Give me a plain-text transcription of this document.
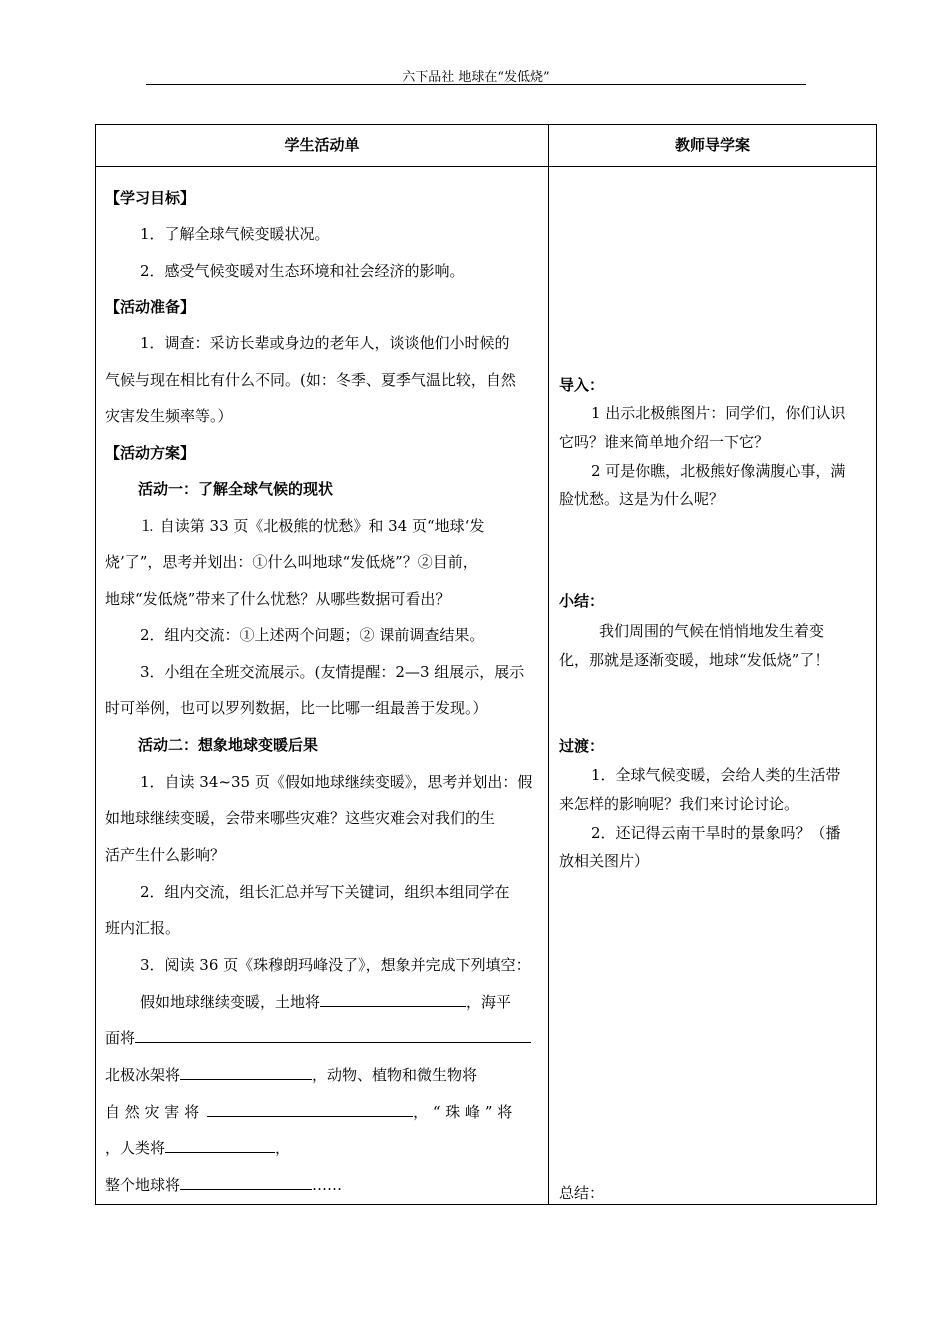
六下品社 地球在“发低烧”
学生活动单	教师导学案
【学习目标】
1．了解全球气候变暖状况。
2．感受气候变暖对生态环境和社会经济的影响。
【活动准备】
1．调查：采访长辈或身边的老年人，谈谈他们小时候的
气候与现在相比有什么不同。(如：冬季、夏季气温比较，自然
灾害发生频率等。）
【活动方案】
活动一：了解全球气候的现状
⒈ 自读第 33 页《北极熊的忧愁》和 34 页“地球‘发
烧’了”，思考并划出：①什么叫地球“发低烧”？②目前，
地球“发低烧”带来了什么忧愁？从哪些数据可看出？
2．组内交流：①上述两个问题；② 课前调查结果。
3．小组在全班交流展示。(友情提醒：2—3 组展示，展示
时可举例，也可以罗列数据，比一比哪一组最善于发现。）
活动二：想象地球变暖后果
1．自读 34~35 页《假如地球继续变暖》，思考并划出：假
如地球继续变暖，会带来哪些灾难？这些灾难会对我们的生
活产生什么影响？
2．组内交流，组长汇总并写下关键词，组织本组同学在
班内汇报。
3．阅读 36 页《珠穆朗玛峰没了》，想象并完成下列填空：
假如地球继续变暖，土地将	，海平
面将
北极冰架将	，动物、植物和微生物将
自 然 灾 害 将	， “ 珠 峰 ” 将
，人类将	，
整个地球将	……
导入：
1 出示北极熊图片：同学们，你们认识
它吗？谁来简单地介绍一下它？
2 可是你瞧，北极熊好像满腹心事，满
脸忧愁。这是为什么呢？
小结：
我们周围的气候在悄悄地发生着变
化，那就是逐渐变暖，地球“发低烧”了！
过渡：
1．全球气候变暖，会给人类的生活带
来怎样的影响呢？我们来讨论讨论。
2．还记得云南干旱时的景象吗？（播
放相关图片）
总结：
